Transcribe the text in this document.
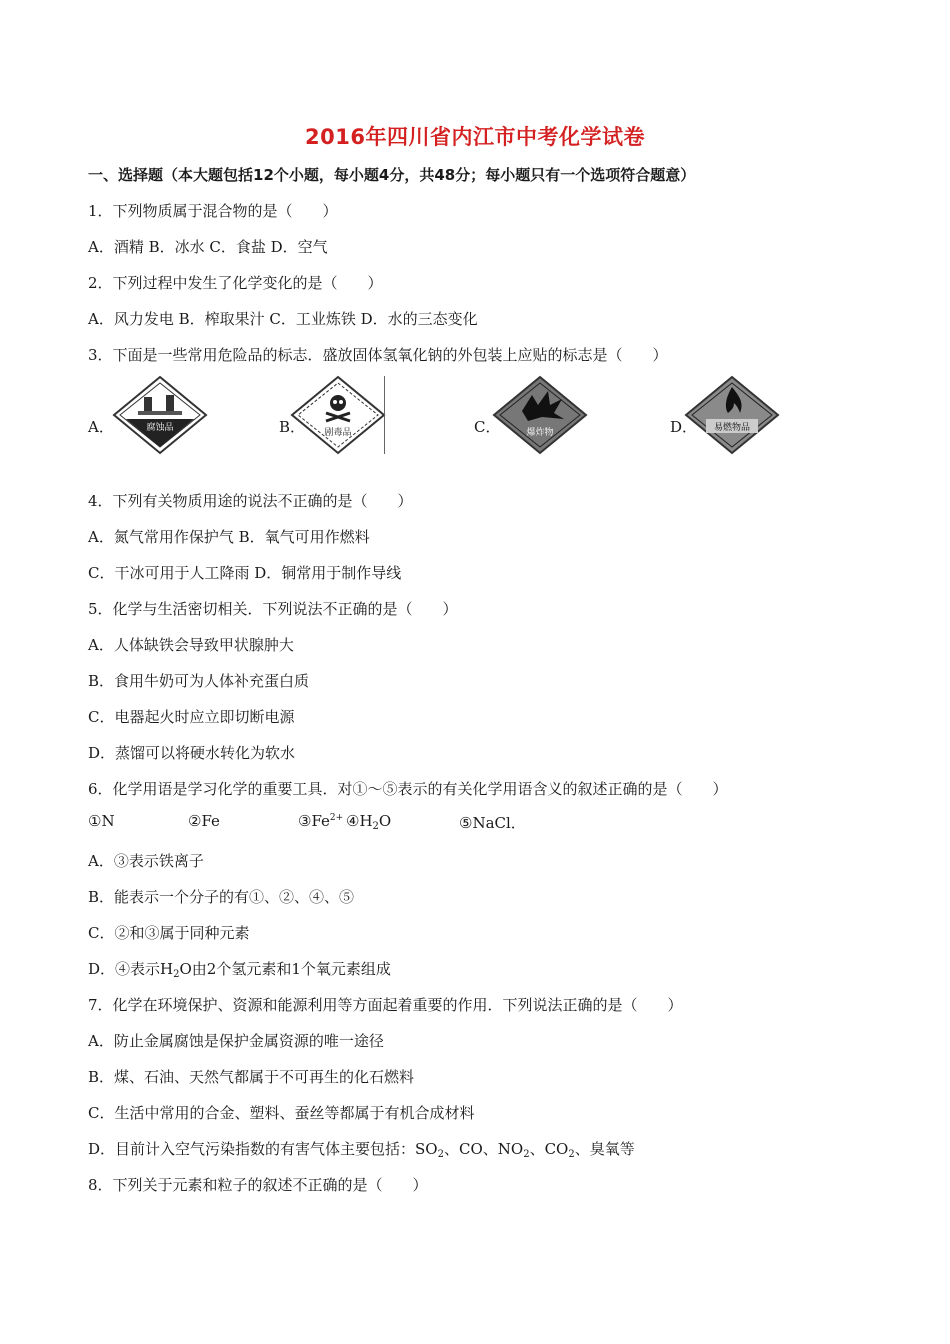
2016年四川省内江市中考化学试卷
一、选择题（本大题包括12个小题，每小题4分，共48分；每小题只有一个选项符合题意）
1．下列物质属于混合物的是（　　）
A．酒精 B．冰水 C．食盐 D．空气
2．下列过程中发生了化学变化的是（　　）
A．风力发电 B．榨取果汁 C．工业炼铁 D．水的三态变化
3．下面是一些常用危险品的标志．盛放固体氢氧化钠的外包装上应贴的标志是（　　）
A．	腐蚀品	B． 剧毒品	C．	爆炸物	D． 易燃物品
4．下列有关物质用途的说法不正确的是（　　）
A．氮气常用作保护气 B．氧气可用作燃料
C．干冰可用于人工降雨 D．铜常用于制作导线
5．化学与生活密切相关．下列说法不正确的是（　　）
A．人体缺铁会导致甲状腺肿大
B．食用牛奶可为人体补充蛋白质
C．电器起火时应立即切断电源
D．蒸馏可以将硬水转化为软水
6．化学用语是学习化学的重要工具．对①～⑤表示的有关化学用语含义的叙述正确的是（　　）
①N	②Fe	$③Fe^{2+}$ $④H_2O$	⑤NaCl．
A．③表示铁离子
B．能表示一个分子的有①、②、④、⑤
C．②和③属于同种元素
D．④表示$H_2O$由2个氢元素和1个氧元素组成
7．化学在环境保护、资源和能源利用等方面起着重要的作用．下列说法正确的是（　　）
A．防止金属腐蚀是保护金属资源的唯一途径
B．煤、石油、天然气都属于不可再生的化石燃料
C．生活中常用的合金、塑料、蚕丝等都属于有机合成材料
D．目前计入空气污染指数的有害气体主要包括：$SO_2$、CO、$NO_2$、$CO_2$、臭氧等
8．下列关于元素和粒子的叙述不正确的是（　　）
